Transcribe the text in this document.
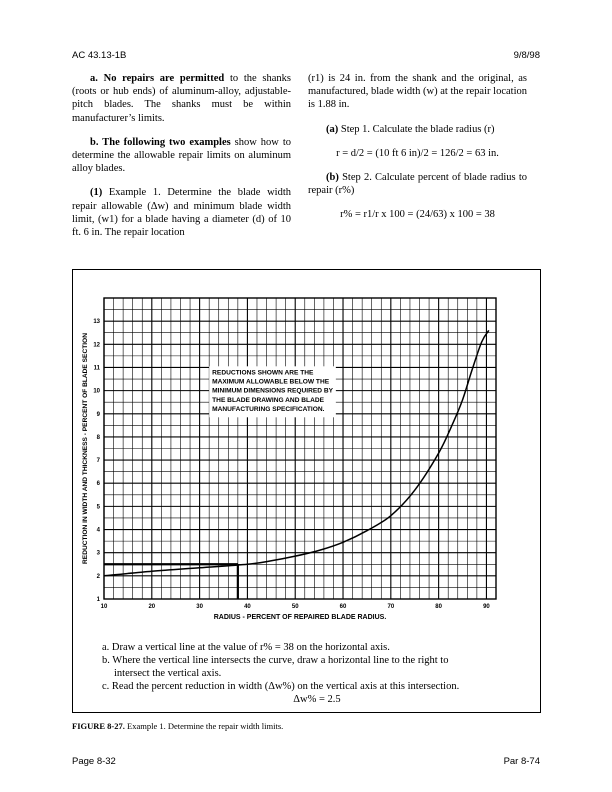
AC 43.13-1B	9/8/98

a. No repairs are permitted to the shanks (roots or hub ends) of aluminum-alloy, adjustable-pitch blades. The shanks must be within manufacturer’s limits.

b. The following two examples show how to determine the allowable repair limits on aluminum alloy blades.

(1) Example 1. Determine the blade width repair allowable (Δw) and minimum blade width limit, (w1) for a blade having a diameter (d) of 10 ft. 6 in. The repair location

(r1) is 24 in. from the shank and the original, as manufactured, blade width (w) at the repair location is 1.88 in.

(a) Step 1. Calculate the blade radius (r)

r = d/2 = (10 ft 6 in)/2 = 126/2 = 63 in.

(b) Step 2. Calculate percent of blade radius to repair (r%)

r% = r1/r x 100 = (24/63) x 100 = 38

10	20	30	40	50	60	70	80	90
1
2
3
4
5
6
7
8
9
10
11
12
13
REDUCTION IN WIDTH AND THICKNESS - PERCENT OF BLADE SECTION
RADIUS - PERCENT OF REPAIRED BLADE RADIUS.
REDUCTIONS SHOWN ARE THE
MAXIMUM ALLOWABLE BELOW THE
MINIMUM DIMENSIONS REQUIRED BY
THE BLADE DRAWING AND BLADE
MANUFACTURING SPECIFICATION.
a. Draw a vertical line at the value of r% = 38 on the horizontal axis.
b. Where the vertical line intersects the curve, draw a horizontal line to the right to
intersect the vertical axis.
c. Read the percent reduction in width (Δw%) on the vertical axis at this intersection.
Δw% = 2.5
FIGURE 8-27. Example 1. Determine the repair width limits.
Page 8-32	Par 8-74
